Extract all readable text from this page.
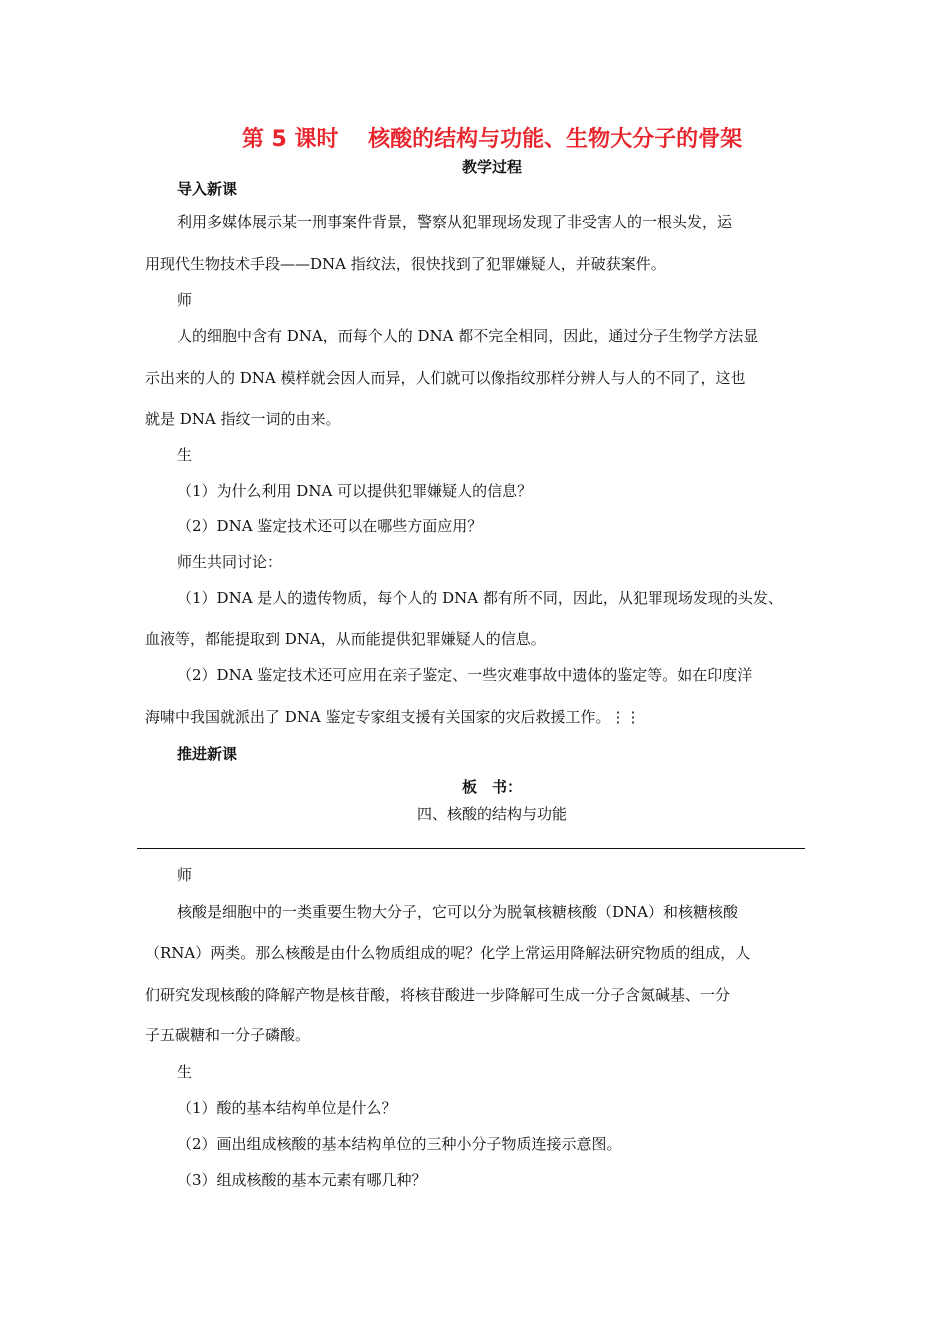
第 5 课时　 核酸的结构与功能、生物大分子的骨架
教学过程
导入新课
利用多媒体展示某一刑事案件背景，警察从犯罪现场发现了非受害人的一根头发，运
用现代生物技术手段——DNA 指纹法，很快找到了犯罪嫌疑人，并破获案件。
师
人的细胞中含有 DNA，而每个人的 DNA 都不完全相同，因此，通过分子生物学方法显
示出来的人的 DNA 模样就会因人而异，人们就可以像指纹那样分辨人与人的不同了，这也
就是 DNA 指纹一词的由来。
生
（1）为什么利用 DNA 可以提供犯罪嫌疑人的信息？
（2）DNA 鉴定技术还可以在哪些方面应用？
师生共同讨论：
（1）DNA 是人的遗传物质，每个人的 DNA 都有所不同，因此，从犯罪现场发现的头发、
血液等，都能提取到 DNA，从而能提供犯罪嫌疑人的信息。
（2）DNA 鉴定技术还可应用在亲子鉴定、一些灾难事故中遗体的鉴定等。如在印度洋
海啸中我国就派出了 DNA 鉴定专家组支援有关国家的灾后救援工作。⋮⋮
推进新课
板　书：
四、核酸的结构与功能
师
核酸是细胞中的一类重要生物大分子，它可以分为脱氧核糖核酸（DNA）和核糖核酸
（RNA）两类。那么核酸是由什么物质组成的呢？化学上常运用降解法研究物质的组成，人
们研究发现核酸的降解产物是核苷酸，将核苷酸进一步降解可生成一分子含氮碱基、一分
子五碳糖和一分子磷酸。
生
（1）酸的基本结构单位是什么？
（2）画出组成核酸的基本结构单位的三种小分子物质连接示意图。
（3）组成核酸的基本元素有哪几种？
